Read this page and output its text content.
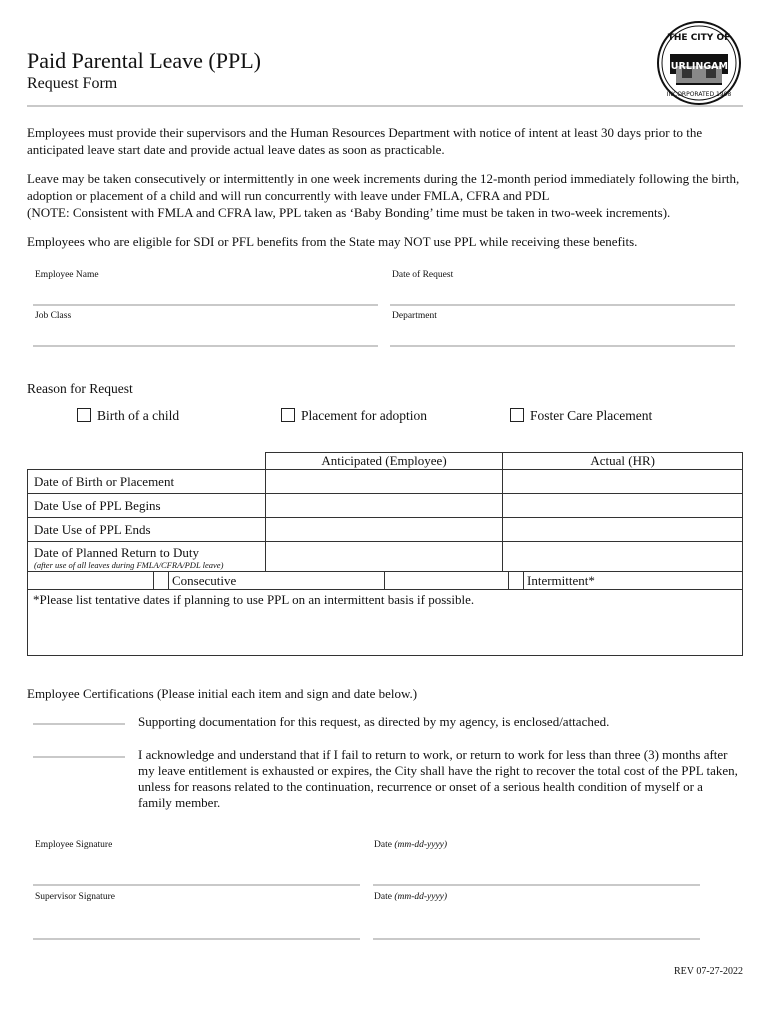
Paid Parental Leave (PPL)
Request Form
THE CITY OF
BURLINGAME
INCORPORATED 1908
Employees must provide their supervisors and the Human Resources Department with notice of intent at least 30 days prior to the anticipated leave start date and provide actual leave dates as soon as practicable.
Leave may be taken consecutively or intermittently in one week increments during the 12-month period immediately following the birth, adoption or placement of a child and will run concurrently with leave under FMLA, CFRA and PDL
(NOTE: Consistent with FMLA and CFRA law, PPL taken as ‘Baby Bonding’ time must be taken in two-week increments).
Employees who are eligible for SDI or PFL benefits from the State may NOT use PPL while receiving these benefits.
Employee Name	Date of Request
Job Class	Department
Reason for Request
Birth of a child	Placement for adoption	Foster Care Placement
	Anticipated (Employee)	Actual (HR)
Date of Birth or Placement		
Date Use of PPL Begins		
Date Use of PPL Ends		
Date of Planned Return to Duty
(after use of all leaves during FMLA/CFRA/PDL leave)		

Consecutive	Intermittent*
*Please list tentative dates if planning to use PPL on an intermittent basis if possible.
Employee Certifications (Please initial each item and sign and date below.)
Supporting documentation for this request, as directed by my agency, is enclosed/attached.
I acknowledge and understand that if I fail to return to work, or return to work for less than three (3) months after my leave entitlement is exhausted or expires, the City shall have the right to recover the total cost of the PPL taken, unless for reasons related to the continuation, recurrence or onset of a serious health condition of myself or a family member.
Employee Signature	Date (mm-dd-yyyy)
Supervisor Signature	Date (mm-dd-yyyy)
REV 07-27-2022
